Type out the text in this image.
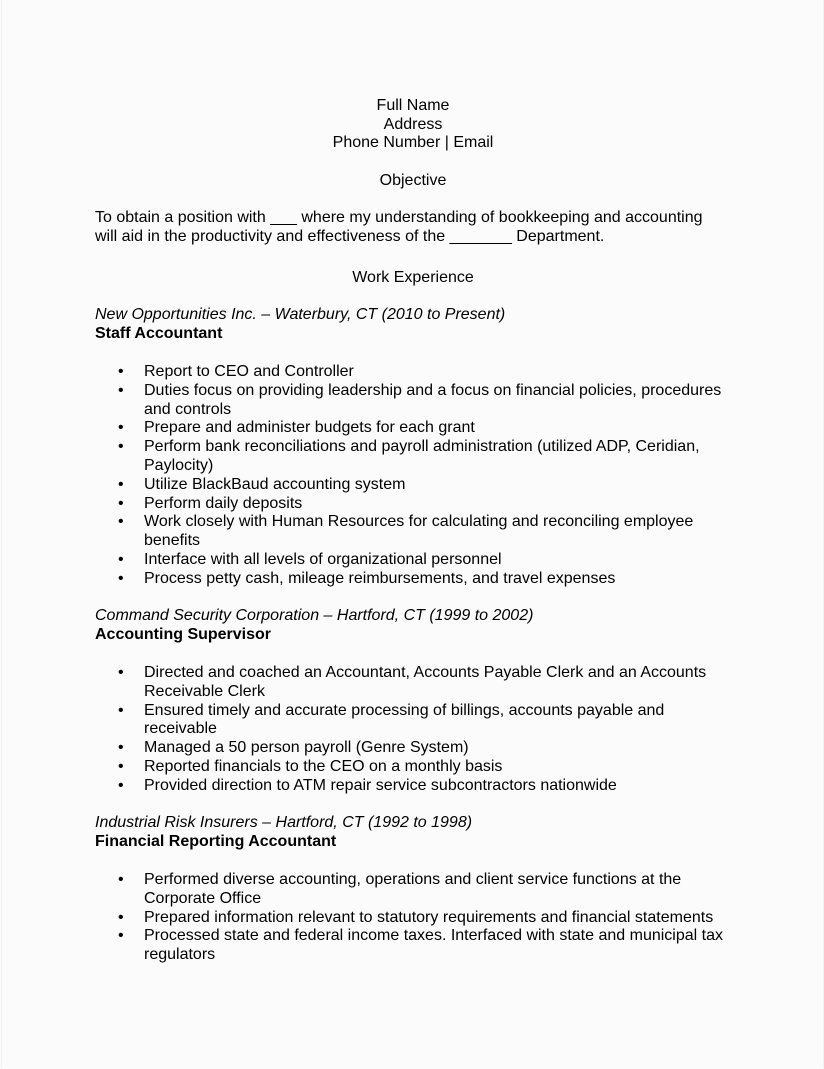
Full Name
Address
Phone Number | Email
Objective
To obtain a position with ___ where my understanding of bookkeeping and accounting will aid in the productivity and effectiveness of the _______ Department.
Work Experience
New Opportunities Inc. – Waterbury, CT (2010 to Present)
Staff Accountant
• Report to CEO and Controller
• Duties focus on providing leadership and a focus on financial policies, procedures and controls
• Prepare and administer budgets for each grant
• Perform bank reconciliations and payroll administration (utilized ADP, Ceridian, Paylocity)
• Utilize BlackBaud accounting system
• Perform daily deposits
• Work closely with Human Resources for calculating and reconciling employee benefits
• Interface with all levels of organizational personnel
• Process petty cash, mileage reimbursements, and travel expenses
Command Security Corporation – Hartford, CT (1999 to 2002)
Accounting Supervisor
• Directed and coached an Accountant, Accounts Payable Clerk and an Accounts Receivable Clerk
• Ensured timely and accurate processing of billings, accounts payable and receivable
• Managed a 50 person payroll (Genre System)
• Reported financials to the CEO on a monthly basis
• Provided direction to ATM repair service subcontractors nationwide
Industrial Risk Insurers – Hartford, CT (1992 to 1998)
Financial Reporting Accountant
• Performed diverse accounting, operations and client service functions at the Corporate Office
• Prepared information relevant to statutory requirements and financial statements
• Processed state and federal income taxes. Interfaced with state and municipal tax regulators
